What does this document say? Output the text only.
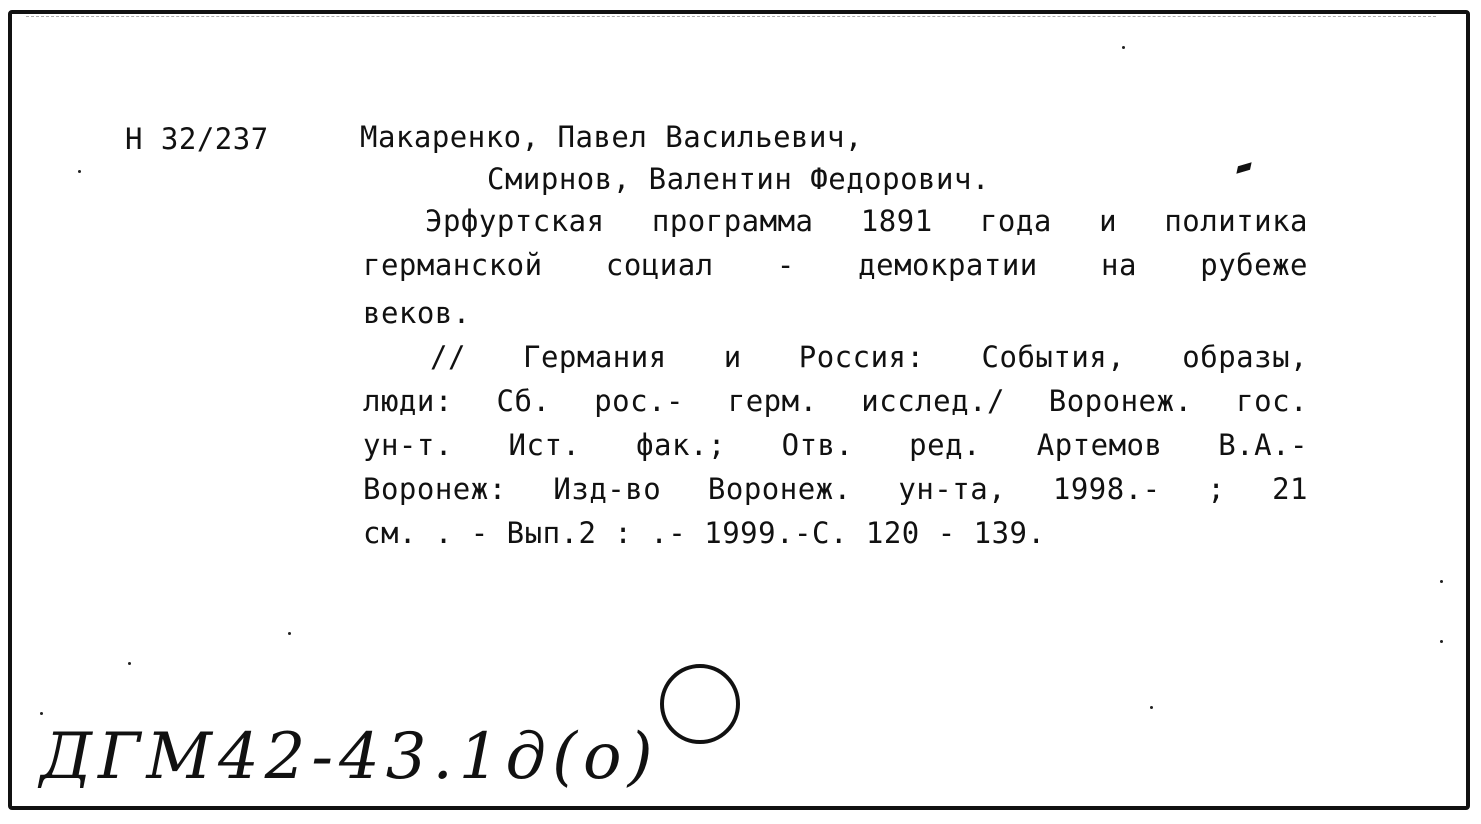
Н 32/237	Макаренко, Павел Васильевич,
Смирнов, Валентин Федорович.
Эрфуртская программа 1891 года и политика
германской социал - демократии на рубеже
веков.
// Германия и Россия: События, образы,
люди: Сб. рос.- герм. исслед./ Воронеж. гос.
ун-т. Ист. фак.; Отв. ред. Артемов В.А.-
Воронеж: Изд-во Воронеж. ун-та, 1998.- ; 21
см. . - Вып.2 : .- 1999.-С. 120 - 139.
ДГМ42-43.1д(о)
